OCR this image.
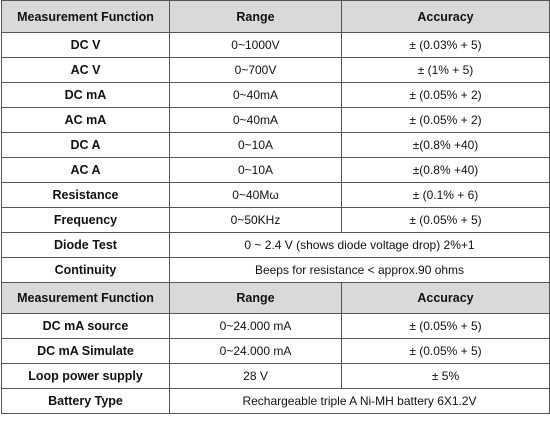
Measurement Function	Range	Accuracy
DC V	0~1000V	± (0.03% + 5)
AC V	0~700V	± (1% + 5)
DC mA	0~40mA	± (0.05% + 2)
AC mA	0~40mA	± (0.05% + 2)
DC A	0~10A	±(0.8% +40)
AC A	0~10A	±(0.8% +40)
Resistance	0~40Mω	± (0.1% + 6)
Frequency	0~50KHz	± (0.05% + 5)
Diode Test	0 ~ 2.4 V (shows diode voltage drop) 2%+1	
Continuity	Beeps for resistance < approx.90 ohms	
Measurement Function	Range	Accuracy
DC mA source	0~24.000 mA	± (0.05% + 5)
DC mA Simulate	0~24.000 mA	± (0.05% + 5)
Loop power supply	28 V	± 5%
Battery Type	Rechargeable triple A Ni-MH battery 6X1.2V	
